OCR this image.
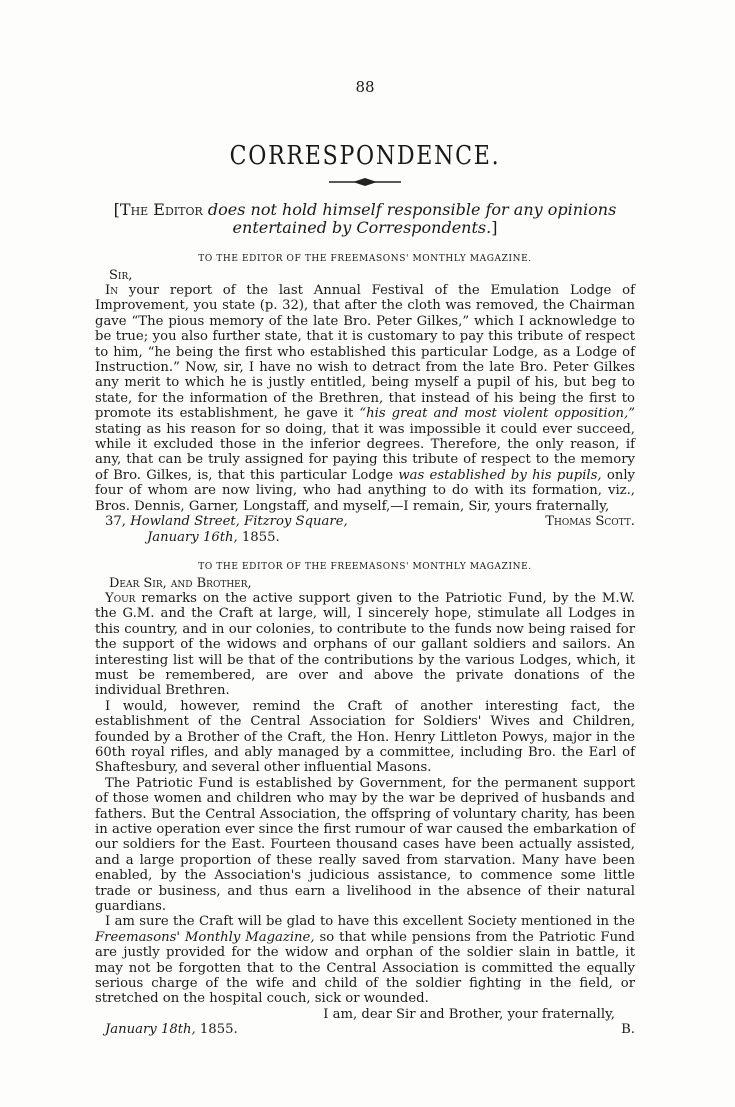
88
CORRESPONDENCE.

[The Editor does not hold himself responsible for any opinions entertained by Correspondents.]

TO THE EDITOR OF THE FREEMASONS' MONTHLY MAGAZINE.
Sir,

In your report of the last Annual Festival of the Emulation Lodge of Improvement, you state (p. 32), that after the cloth was removed, the Chairman gave “The pious memory of the late Bro. Peter Gilkes,” which I acknowledge to be true; you also further state, that it is customary to pay this tribute of respect to him, “he being the first who established this particular Lodge, as a Lodge of Instruction.” Now, sir, I have no wish to detract from the late Bro. Peter Gilkes any merit to which he is justly entitled, being myself a pupil of his, but beg to state, for the information of the Brethren, that instead of his being the first to promote its establishment, he gave it “his great and most violent opposition,” stating as his reason for so doing, that it was impossible it could ever succeed, while it excluded those in the inferior degrees. Therefore, the only reason, if any, that can be truly assigned for paying this tribute of respect to the memory of Bro. Gilkes, is, that this particular Lodge was established by his pupils, only four of whom are now living, who had anything to do with its formation, viz., Bros. Dennis, Garner, Longstaff, and myself,—I remain, Sir, yours fraternally,

37, Howland Street, Fitzroy Square,	Thomas Scott.
January 16th, 1855.
TO THE EDITOR OF THE FREEMASONS' MONTHLY MAGAZINE.
Dear Sir, and Brother,

Your remarks on the active support given to the Patriotic Fund, by the M.W. the G.M. and the Craft at large, will, I sincerely hope, stimulate all Lodges in this country, and in our colonies, to contribute to the funds now being raised for the support of the widows and orphans of our gallant soldiers and sailors. An interesting list will be that of the contributions by the various Lodges, which, it must be remembered, are over and above the private donations of the individual Brethren.

I would, however, remind the Craft of another interesting fact, the establishment of the Central Association for Soldiers' Wives and Children, founded by a Brother of the Craft, the Hon. Henry Littleton Powys, major in the 60th royal rifles, and ably managed by a committee, including Bro. the Earl of Shaftesbury, and several other influential Masons.

The Patriotic Fund is established by Government, for the permanent support of those women and children who may by the war be deprived of husbands and fathers. But the Central Association, the offspring of voluntary charity, has been in active operation ever since the first rumour of war caused the embarkation of our soldiers for the East. Fourteen thousand cases have been actually assisted, and a large proportion of these really saved from starvation. Many have been enabled, by the Association's judicious assistance, to commence some little trade or business, and thus earn a livelihood in the absence of their natural guardians.

I am sure the Craft will be glad to have this excellent Society mentioned in the Freemasons' Monthly Magazine, so that while pensions from the Patriotic Fund are justly provided for the widow and orphan of the soldier slain in battle, it may not be forgotten that to the Central Association is committed the equally serious charge of the wife and child of the soldier fighting in the field, or stretched on the hospital couch, sick or wounded.

I am, dear Sir and Brother, your fraternally,
January 18th, 1855.	B.
